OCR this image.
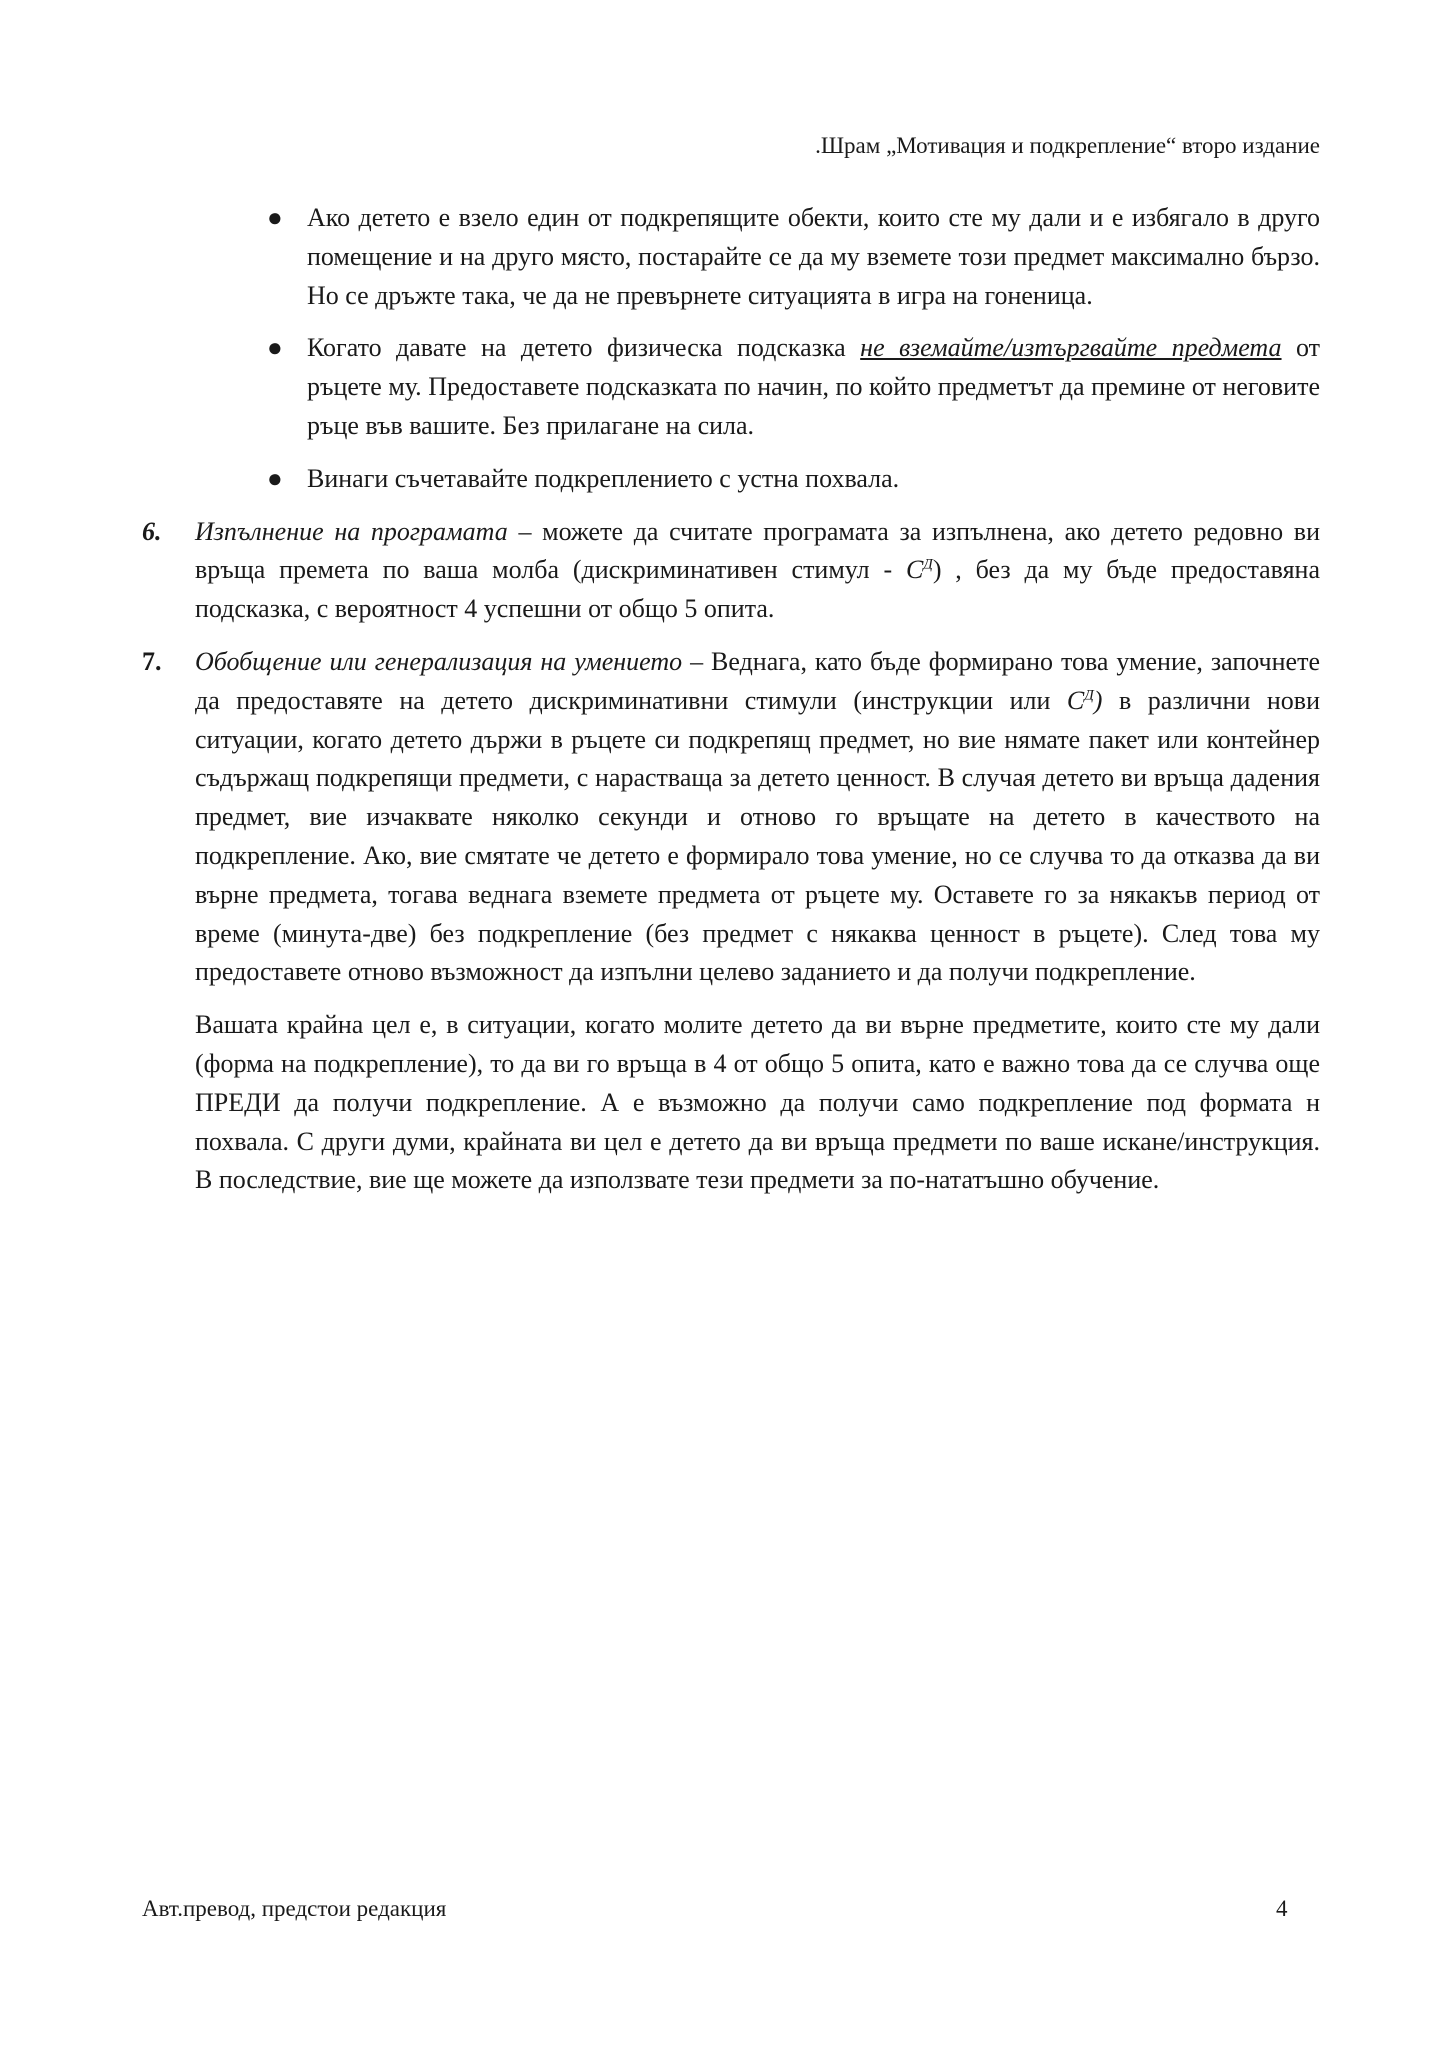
.Шрам „Мотивация и подкрепление“ второ издание
● Ако детето е взело един от подкрепящите обекти, които сте му дали и е избягало в друго помещение и на друго място, постарайте се да му вземете този предмет максимално бързо. Но се дръжте така, че да не превърнете ситуацията в игра на гоненица.
● Когато давате на детето физическа подсказка не вземайте/изтъргвайте предмета от ръцете му. Предоставете подсказката по начин, по който предметът да премине от неговите ръце във вашите. Без прилагане на сила.
● Винаги съчетавайте подкреплението с устна похвала.
6. Изпълнение на програмата – можете да считате програмата за изпълнена, ако детето редовно ви връща премета по ваша молба (дискриминативен стимул - $С^Д$) , без да му бъде предоставяна подсказка, с вероятност 4 успешни от общо 5 опита.
7. Обобщение или генерализация на умението – Веднага, като бъде формирано това умение, започнете да предоставяте на детето дискриминативни стимули (инструкции или $С^Д$) в различни нови ситуации, когато детето държи в ръцете си подкрепящ предмет, но вие нямате пакет или контейнер съдържащ подкрепящи предмети, с нарастваща за детето ценност. В случая детето ви връща дадения предмет, вие изчаквате няколко секунди и отново го връщате на детето в качеството на подкрепление. Ако, вие смятате че детето е формирало това умение, но се случва то да отказва да ви върне предмета, тогава веднага вземете предмета от ръцете му. Оставете го за някакъв период от време (минута-две) без подкрепление (без предмет с някаква ценност в ръцете). След това му предоставете отново възможност да изпълни целево заданието и да получи подкрепление.
Вашата крайна цел е, в ситуации, когато молите детето да ви върне предметите, които сте му дали (форма на подкрепление), то да ви го връща в 4 от общо 5 опита, като е важно това да се случва още ПРЕДИ да получи подкрепление. А е възможно да получи само подкрепление под формата н похвала. С други думи, крайната ви цел е детето да ви връща предмети по ваше искане/инструкция. В последствие, вие ще можете да използвате тези предмети за по-нататъшно обучение.
Авт.превод, предстои редакция	4
